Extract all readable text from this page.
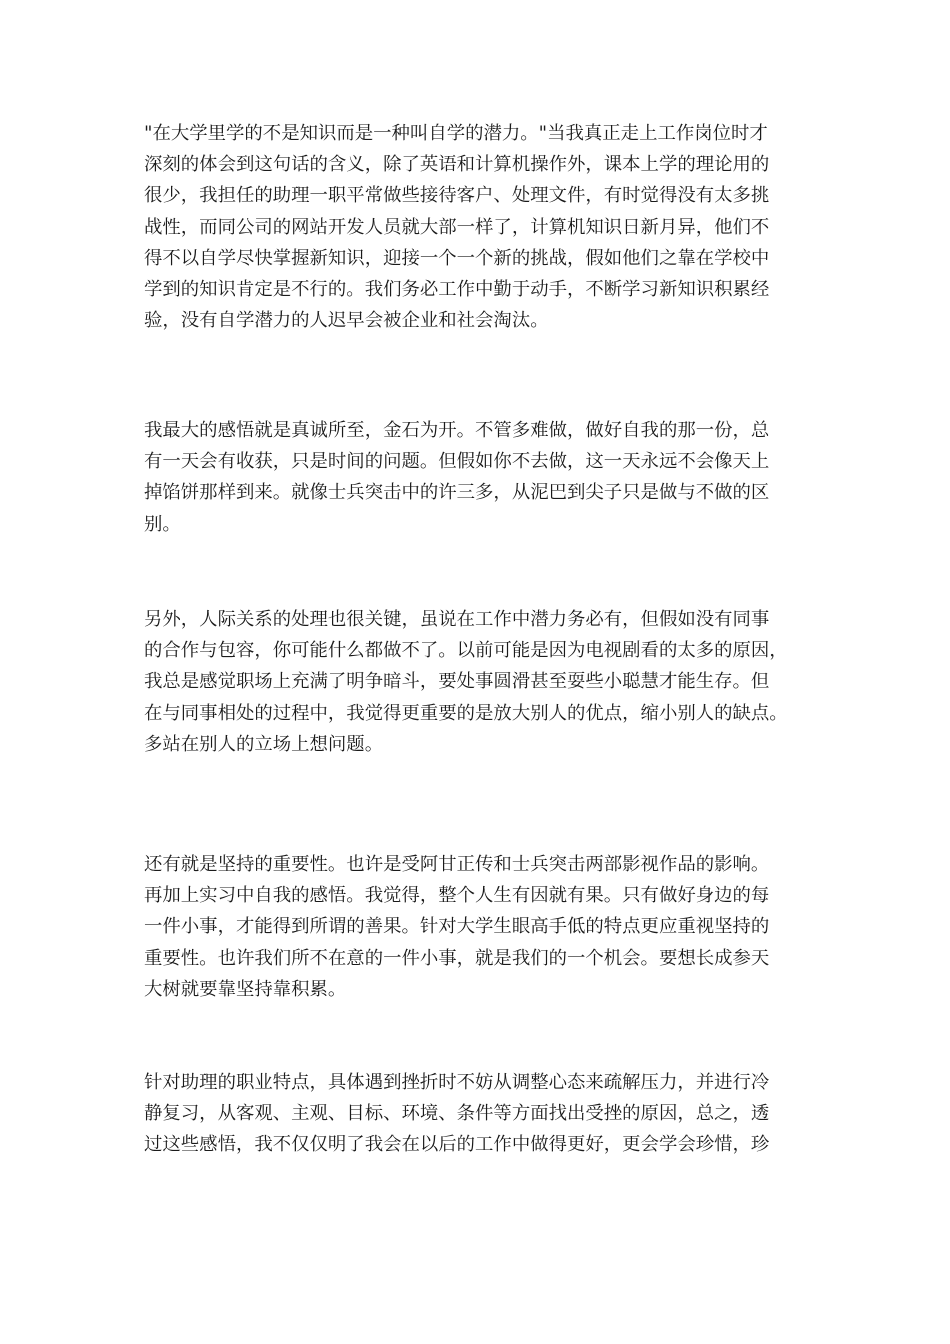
"在大学里学的不是知识而是一种叫自学的潜力。"当我真正走上工作岗位时才
深刻的体会到这句话的含义，除了英语和计算机操作外，课本上学的理论用的
很少，我担任的助理一职平常做些接待客户、处理文件，有时觉得没有太多挑
战性，而同公司的网站开发人员就大部一样了，计算机知识日新月异，他们不
得不以自学尽快掌握新知识，迎接一个一个新的挑战，假如他们之靠在学校中
学到的知识肯定是不行的。我们务必工作中勤于动手，不断学习新知识积累经
验，没有自学潜力的人迟早会被企业和社会淘汰。

我最大的感悟就是真诚所至，金石为开。不管多难做，做好自我的那一份，总
有一天会有收获，只是时间的问题。但假如你不去做，这一天永远不会像天上
掉馅饼那样到来。就像士兵突击中的许三多，从泥巴到尖子只是做与不做的区
别。

另外，人际关系的处理也很关键，虽说在工作中潜力务必有，但假如没有同事
的合作与包容，你可能什么都做不了。以前可能是因为电视剧看的太多的原因，
我总是感觉职场上充满了明争暗斗，要处事圆滑甚至耍些小聪慧才能生存。但
在与同事相处的过程中，我觉得更重要的是放大别人的优点，缩小别人的缺点。
多站在别人的立场上想问题。

还有就是坚持的重要性。也许是受阿甘正传和士兵突击两部影视作品的影响。
再加上实习中自我的感悟。我觉得，整个人生有因就有果。只有做好身边的每
一件小事，才能得到所谓的善果。针对大学生眼高手低的特点更应重视坚持的
重要性。也许我们所不在意的一件小事，就是我们的一个机会。要想长成参天
大树就要靠坚持靠积累。

针对助理的职业特点，具体遇到挫折时不妨从调整心态来疏解压力，并进行冷
静复习，从客观、主观、目标、环境、条件等方面找出受挫的原因，总之，透
过这些感悟，我不仅仅明了我会在以后的工作中做得更好，更会学会珍惜，珍
